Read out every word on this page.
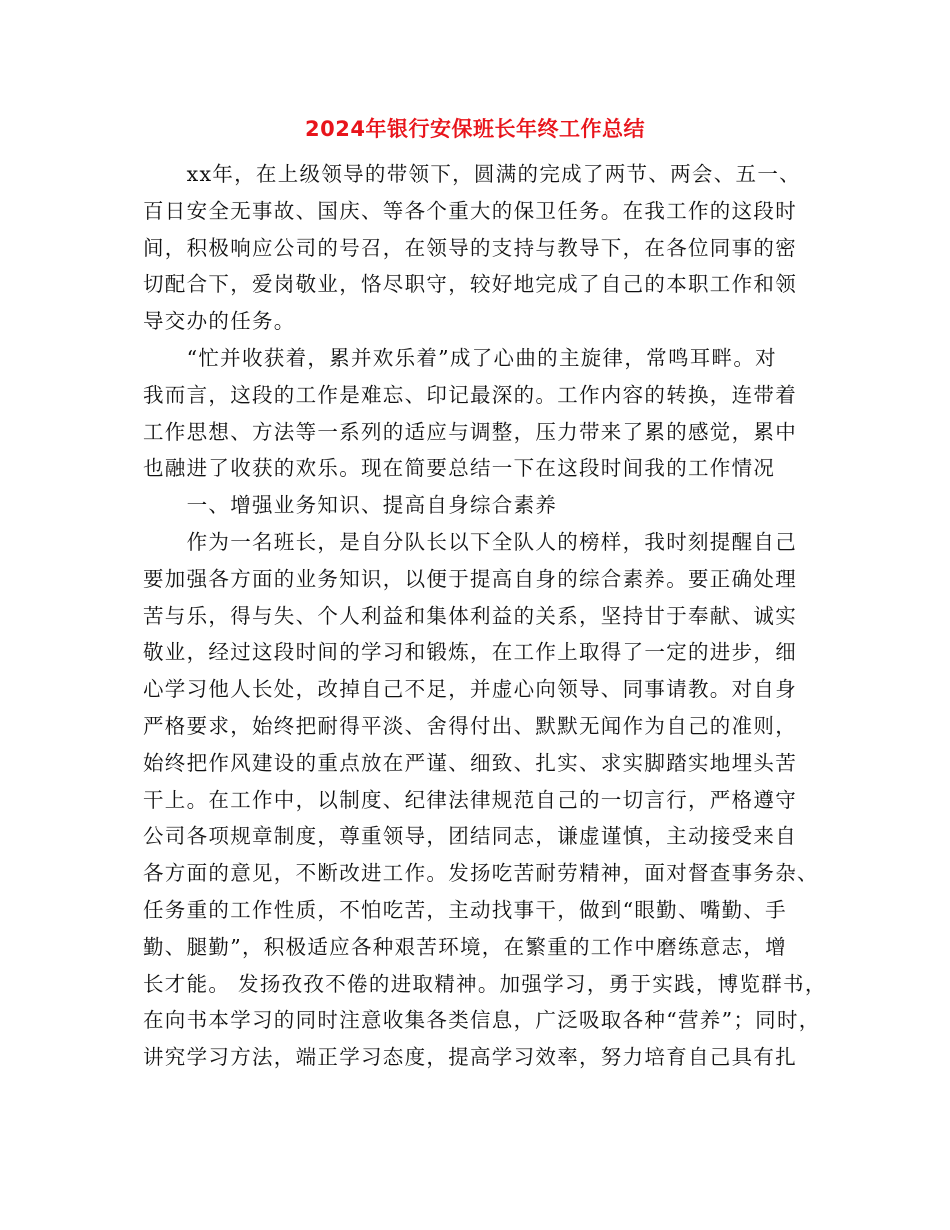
2024年银行安保班长年终工作总结
　　xx年，在上级领导的带领下，圆满的完成了两节、两会、五一、
百日安全无事故、国庆、等各个重大的保卫任务。在我工作的这段时
间，积极响应公司的号召，在领导的支持与教导下，在各位同事的密
切配合下，爱岗敬业，恪尽职守，较好地完成了自己的本职工作和领
导交办的任务。
　　“忙并收获着，累并欢乐着”成了心曲的主旋律，常鸣耳畔。对
我而言，这段的工作是难忘、印记最深的。工作内容的转换，连带着
工作思想、方法等一系列的适应与调整，压力带来了累的感觉，累中
也融进了收获的欢乐。现在简要总结一下在这段时间我的工作情况
　　一、增强业务知识、提高自身综合素养
　　作为一名班长，是自分队长以下全队人的榜样，我时刻提醒自己
要加强各方面的业务知识，以便于提高自身的综合素养。要正确处理
苦与乐，得与失、个人利益和集体利益的关系，坚持甘于奉献、诚实
敬业，经过这段时间的学习和锻炼，在工作上取得了一定的进步，细
心学习他人长处，改掉自己不足，并虚心向领导、同事请教。对自身
严格要求，始终把耐得平淡、舍得付出、默默无闻作为自己的准则，
始终把作风建设的重点放在严谨、细致、扎实、求实脚踏实地埋头苦
干上。在工作中，以制度、纪律法律规范自己的一切言行，严格遵守
公司各项规章制度，尊重领导，团结同志，谦虚谨慎，主动接受来自
各方面的意见，不断改进工作。发扬吃苦耐劳精神，面对督查事务杂、
任务重的工作性质，不怕吃苦，主动找事干，做到“眼勤、嘴勤、手
勤、腿勤”，积极适应各种艰苦环境，在繁重的工作中磨练意志，增
长才能。 发扬孜孜不倦的进取精神。加强学习，勇于实践，博览群书，
在向书本学习的同时注意收集各类信息，广泛吸取各种“营养”；同时，
讲究学习方法，端正学习态度，提高学习效率，努力培育自己具有扎
